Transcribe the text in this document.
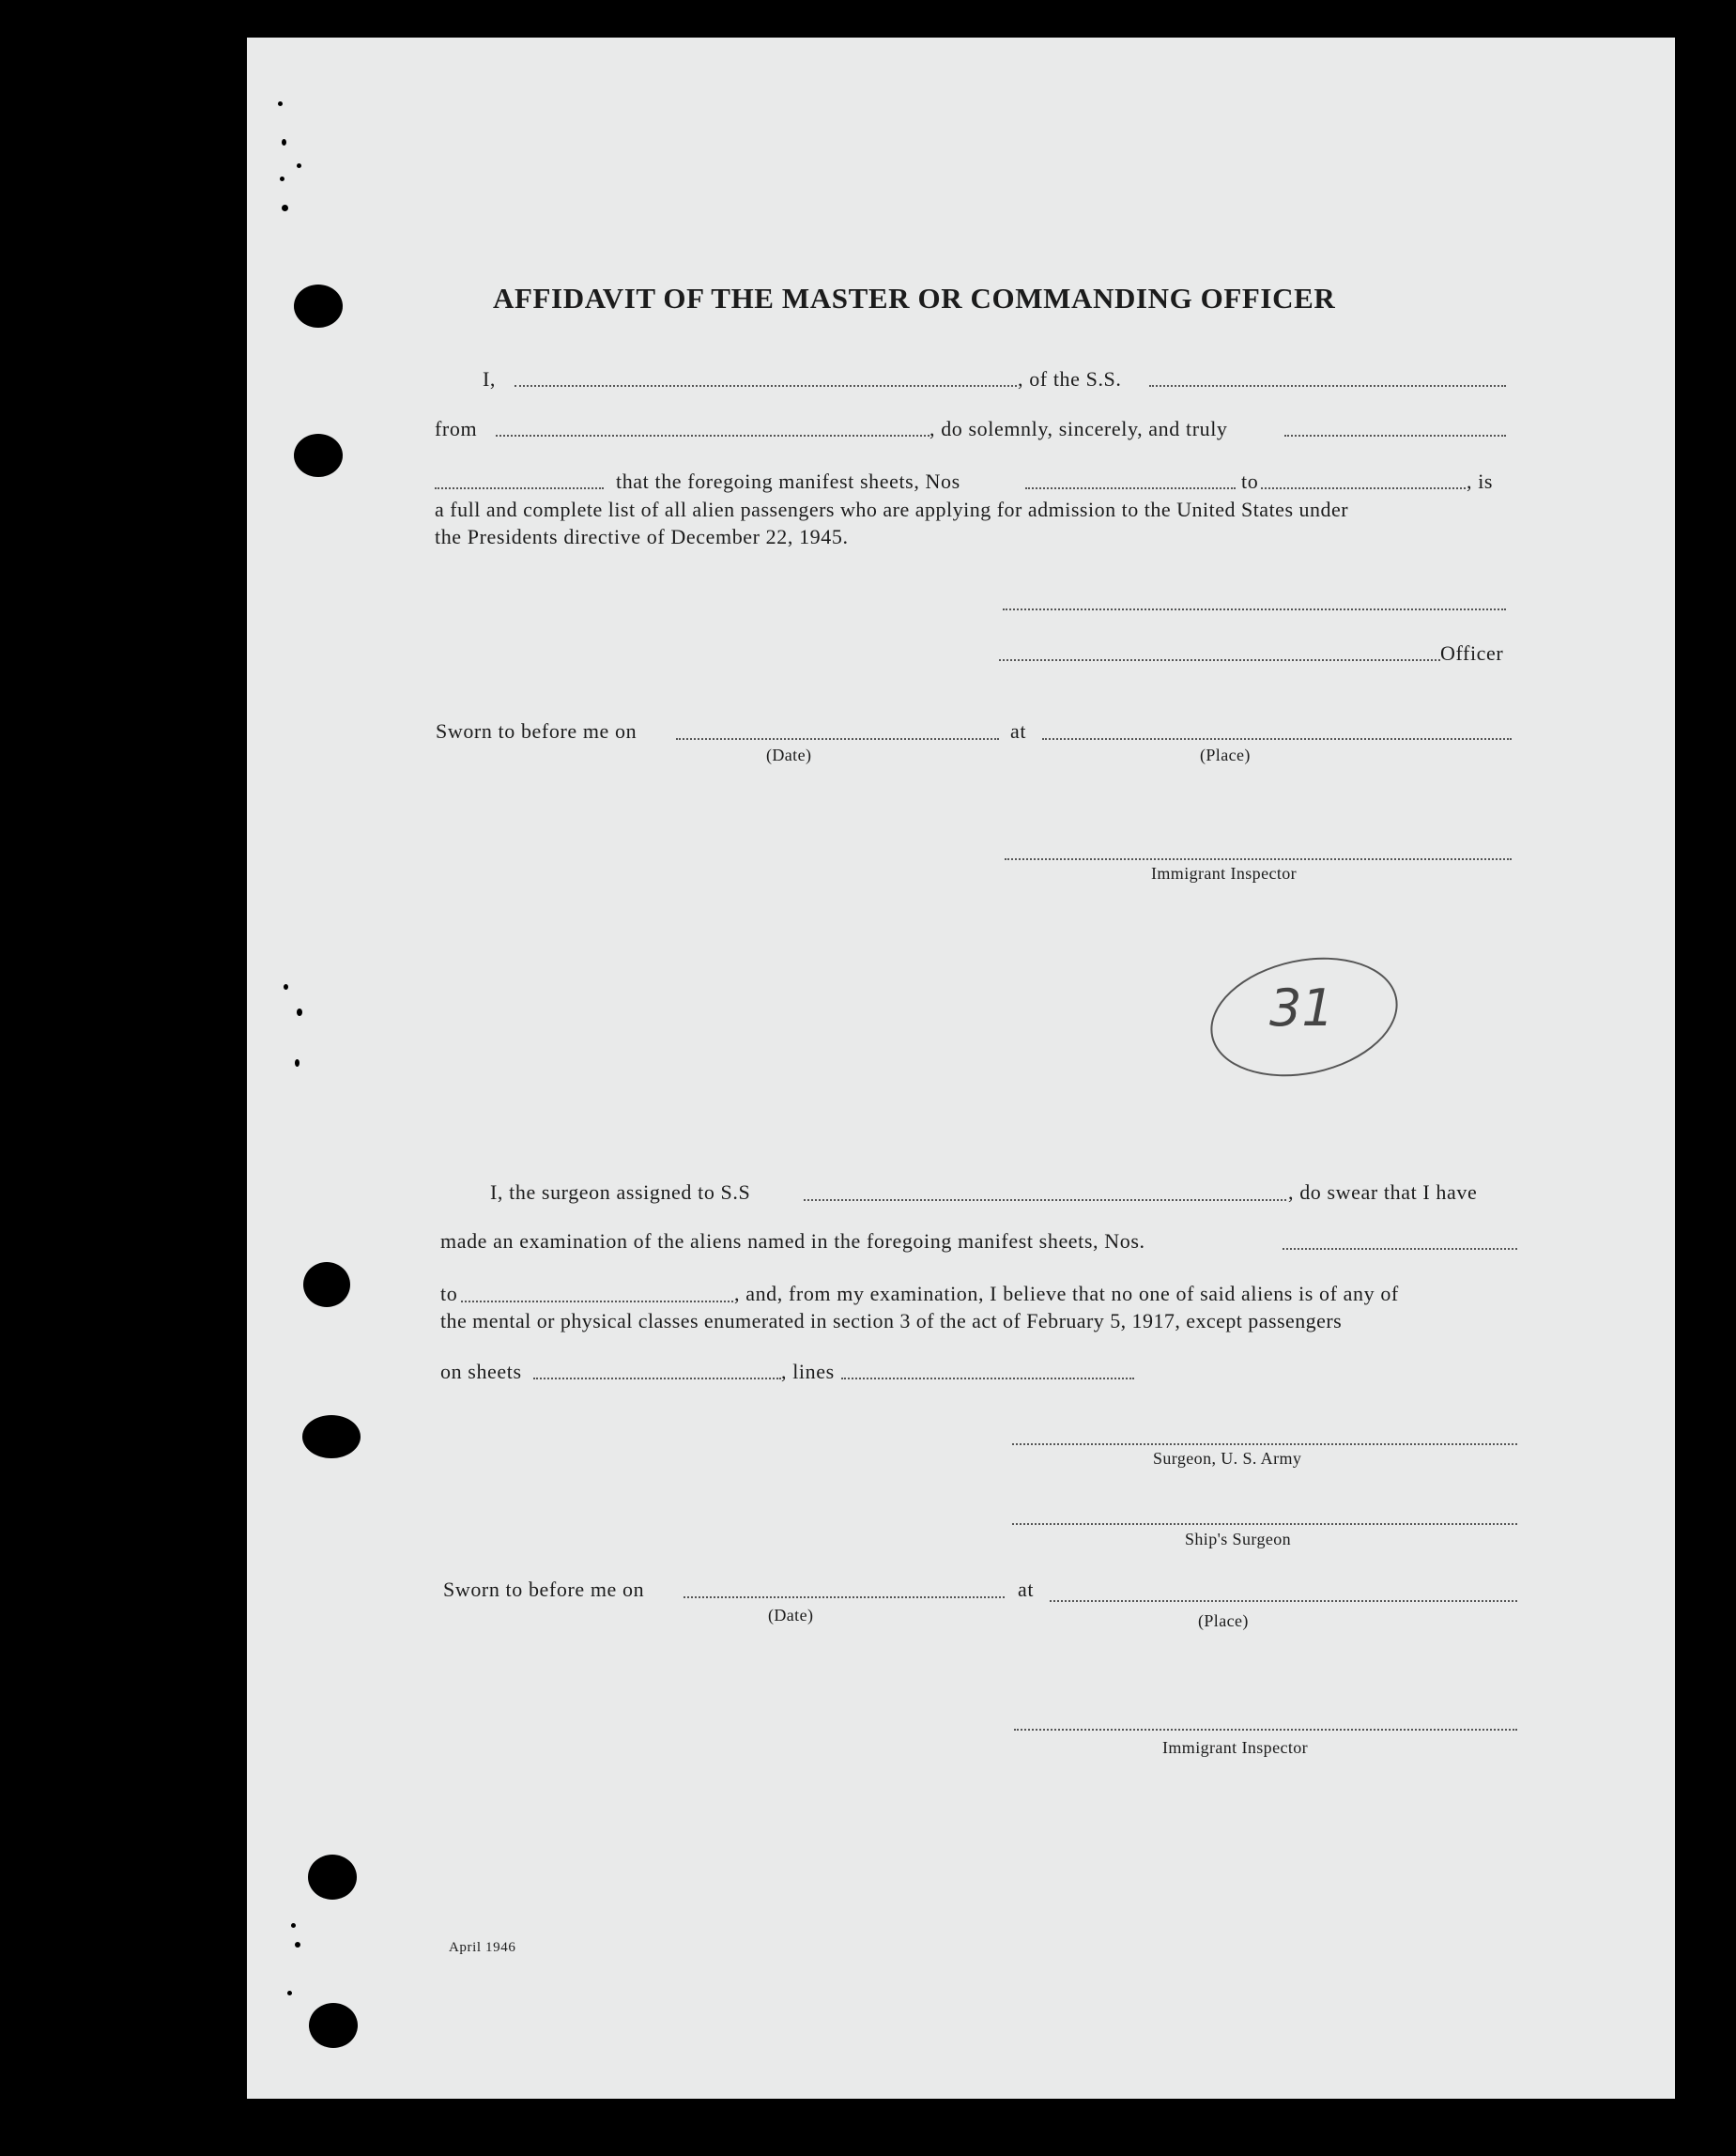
AFFIDAVIT OF THE MASTER OR COMMANDING OFFICER
I,	, of the S.S.
from	, do solemnly, sincerely, and truly
that the foregoing manifest sheets, Nos	to	, is
a full and complete list of all alien passengers who are applying for admission to the United States under
the Presidents directive of December 22, 1945.
Officer
Sworn to before me on	at
(Date)	(Place)
Immigrant Inspector
31
I, the surgeon assigned to S.S	, do swear that I have
made an examination of the aliens named in the foregoing manifest sheets, Nos.
to	, and, from my examination, I believe that no one of said aliens is of any of
the mental or physical classes enumerated in section 3 of the act of February 5, 1917, except passengers
on sheets	, lines
Surgeon, U. S. Army
Ship's Surgeon
Sworn to before me on	at
(Date)	(Place)
Immigrant Inspector
April 1946
